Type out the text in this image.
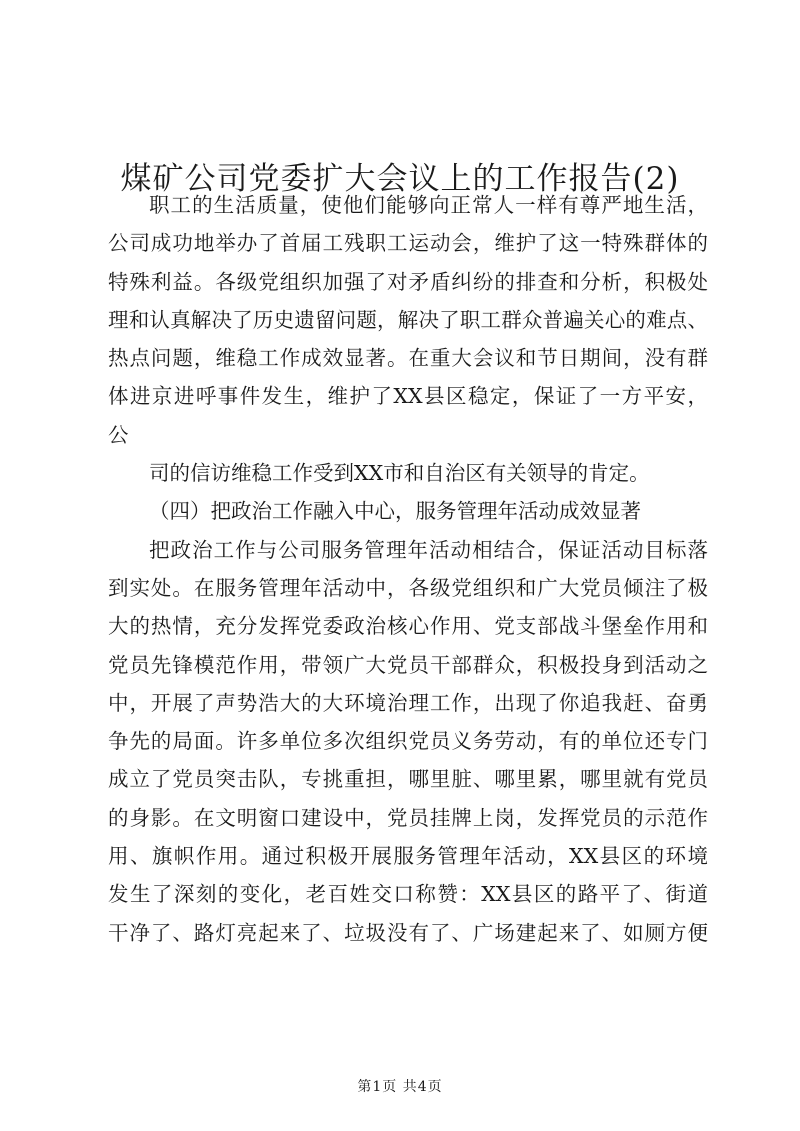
煤矿公司党委扩大会议上的工作报告(2)

职工的生活质量，使他们能够向正常人一样有尊严地生活，
公司成功地举办了首届工残职工运动会，维护了这一特殊群体的
特殊利益。各级党组织加强了对矛盾纠纷的排查和分析，积极处
理和认真解决了历史遗留问题，解决了职工群众普遍关心的难点、
热点问题，维稳工作成效显著。在重大会议和节日期间，没有群
体进京进呼事件发生，维护了XX县区稳定，保证了一方平安，
公
司的信访维稳工作受到XX市和自治区有关领导的肯定。
（四）把政治工作融入中心，服务管理年活动成效显著
把政治工作与公司服务管理年活动相结合，保证活动目标落
到实处。在服务管理年活动中，各级党组织和广大党员倾注了极
大的热情，充分发挥党委政治核心作用、党支部战斗堡垒作用和
党员先锋模范作用，带领广大党员干部群众，积极投身到活动之
中，开展了声势浩大的大环境治理工作，出现了你追我赶、奋勇
争先的局面。许多单位多次组织党员义务劳动，有的单位还专门
成立了党员突击队，专挑重担，哪里脏、哪里累，哪里就有党员
的身影。在文明窗口建设中，党员挂牌上岗，发挥党员的示范作
用、旗帜作用。通过积极开展服务管理年活动，XX县区的环境
发生了深刻的变化，老百姓交口称赞：XX县区的路平了、街道
干净了、路灯亮起来了、垃圾没有了、广场建起来了、如厕方便

第1页 共4页
